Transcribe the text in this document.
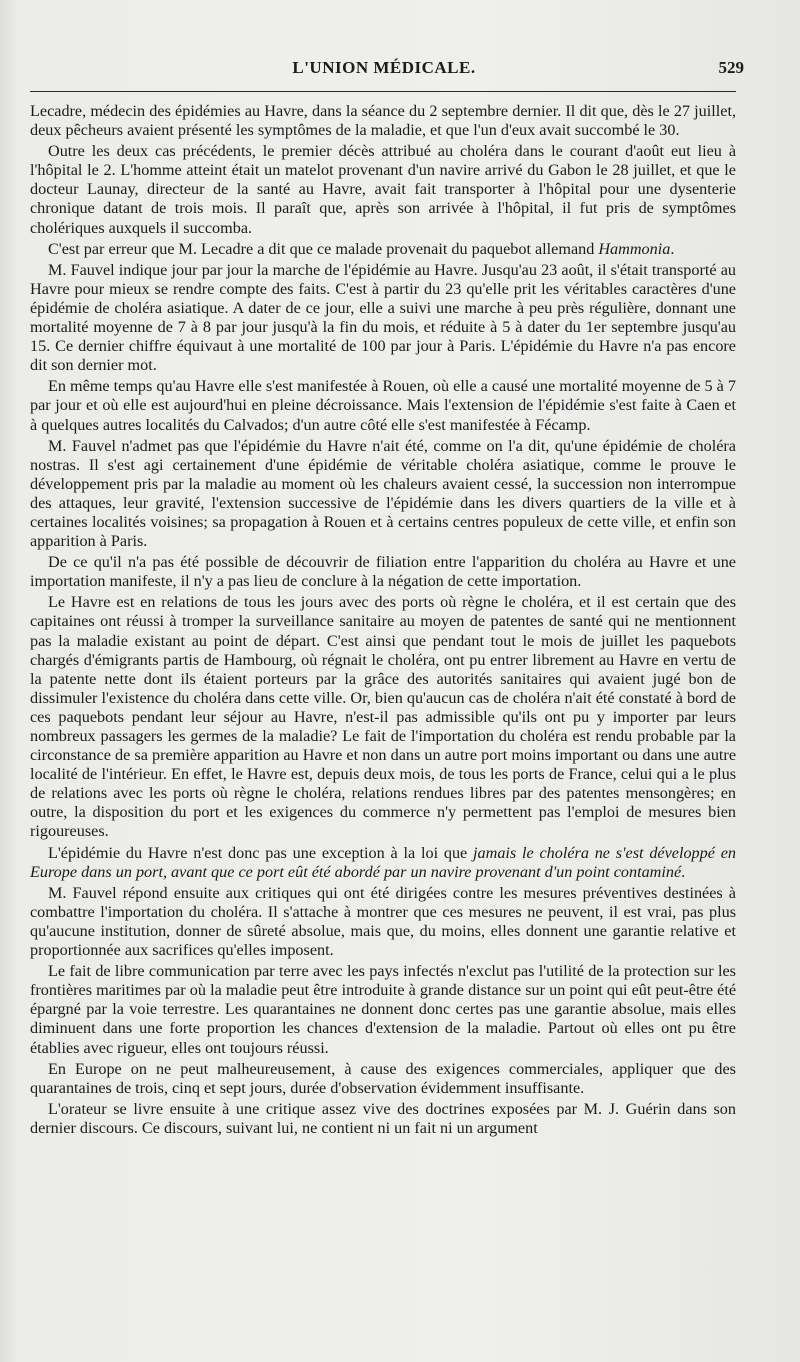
L'UNION MÉDICALE.	529

Lecadre, médecin des épidémies au Havre, dans la séance du 2 septembre dernier. Il dit que, dès le 27 juillet, deux pêcheurs avaient présenté les symptômes de la maladie, et que l'un d'eux avait succombé le 30.

Outre les deux cas précédents, le premier décès attribué au choléra dans le courant d'août eut lieu à l'hôpital le 2. L'homme atteint était un matelot provenant d'un navire arrivé du Gabon le 28 juillet, et que le docteur Launay, directeur de la santé au Havre, avait fait transporter à l'hôpital pour une dysenterie chronique datant de trois mois. Il paraît que, après son arrivée à l'hôpital, il fut pris de symptômes cholériques auxquels il succomba.

C'est par erreur que M. Lecadre a dit que ce malade provenait du paquebot allemand Hammonia.

M. Fauvel indique jour par jour la marche de l'épidémie au Havre. Jusqu'au 23 août, il s'était transporté au Havre pour mieux se rendre compte des faits. C'est à partir du 23 qu'elle prit les véritables caractères d'une épidémie de choléra asiatique. A dater de ce jour, elle a suivi une marche à peu près régulière, donnant une mortalité moyenne de 7 à 8 par jour jusqu'à la fin du mois, et réduite à 5 à dater du 1er septembre jusqu'au 15. Ce dernier chiffre équivaut à une mortalité de 100 par jour à Paris. L'épidémie du Havre n'a pas encore dit son dernier mot.

En même temps qu'au Havre elle s'est manifestée à Rouen, où elle a causé une mortalité moyenne de 5 à 7 par jour et où elle est aujourd'hui en pleine décroissance. Mais l'extension de l'épidémie s'est faite à Caen et à quelques autres localités du Calvados; d'un autre côté elle s'est manifestée à Fécamp.

M. Fauvel n'admet pas que l'épidémie du Havre n'ait été, comme on l'a dit, qu'une épidémie de choléra nostras. Il s'est agi certainement d'une épidémie de véritable choléra asiatique, comme le prouve le développement pris par la maladie au moment où les chaleurs avaient cessé, la succession non interrompue des attaques, leur gravité, l'extension successive de l'épidémie dans les divers quartiers de la ville et à certaines localités voisines; sa propagation à Rouen et à certains centres populeux de cette ville, et enfin son apparition à Paris.

De ce qu'il n'a pas été possible de découvrir de filiation entre l'apparition du choléra au Havre et une importation manifeste, il n'y a pas lieu de conclure à la négation de cette importation.

Le Havre est en relations de tous les jours avec des ports où règne le choléra, et il est certain que des capitaines ont réussi à tromper la surveillance sanitaire au moyen de patentes de santé qui ne mentionnent pas la maladie existant au point de départ. C'est ainsi que pendant tout le mois de juillet les paquebots chargés d'émigrants partis de Hambourg, où régnait le choléra, ont pu entrer librement au Havre en vertu de la patente nette dont ils étaient porteurs par la grâce des autorités sanitaires qui avaient jugé bon de dissimuler l'existence du choléra dans cette ville. Or, bien qu'aucun cas de choléra n'ait été constaté à bord de ces paquebots pendant leur séjour au Havre, n'est-il pas admissible qu'ils ont pu y importer par leurs nombreux passagers les germes de la maladie? Le fait de l'importation du choléra est rendu probable par la circonstance de sa première apparition au Havre et non dans un autre port moins important ou dans une autre localité de l'intérieur. En effet, le Havre est, depuis deux mois, de tous les ports de France, celui qui a le plus de relations avec les ports où règne le choléra, relations rendues libres par des patentes mensongères; en outre, la disposition du port et les exigences du commerce n'y permettent pas l'emploi de mesures bien rigoureuses.

L'épidémie du Havre n'est donc pas une exception à la loi que jamais le choléra ne s'est développé en Europe dans un port, avant que ce port eût été abordé par un navire provenant d'un point contaminé.

M. Fauvel répond ensuite aux critiques qui ont été dirigées contre les mesures préventives destinées à combattre l'importation du choléra. Il s'attache à montrer que ces mesures ne peuvent, il est vrai, pas plus qu'aucune institution, donner de sûreté absolue, mais que, du moins, elles donnent une garantie relative et proportionnée aux sacrifices qu'elles imposent.

Le fait de libre communication par terre avec les pays infectés n'exclut pas l'utilité de la protection sur les frontières maritimes par où la maladie peut être introduite à grande distance sur un point qui eût peut-être été épargné par la voie terrestre. Les quarantaines ne donnent donc certes pas une garantie absolue, mais elles diminuent dans une forte proportion les chances d'extension de la maladie. Partout où elles ont pu être établies avec rigueur, elles ont toujours réussi.

En Europe on ne peut malheureusement, à cause des exigences commerciales, appliquer que des quarantaines de trois, cinq et sept jours, durée d'observation évidemment insuffisante.

L'orateur se livre ensuite à une critique assez vive des doctrines exposées par M. J. Guérin dans son dernier discours. Ce discours, suivant lui, ne contient ni un fait ni un argument
